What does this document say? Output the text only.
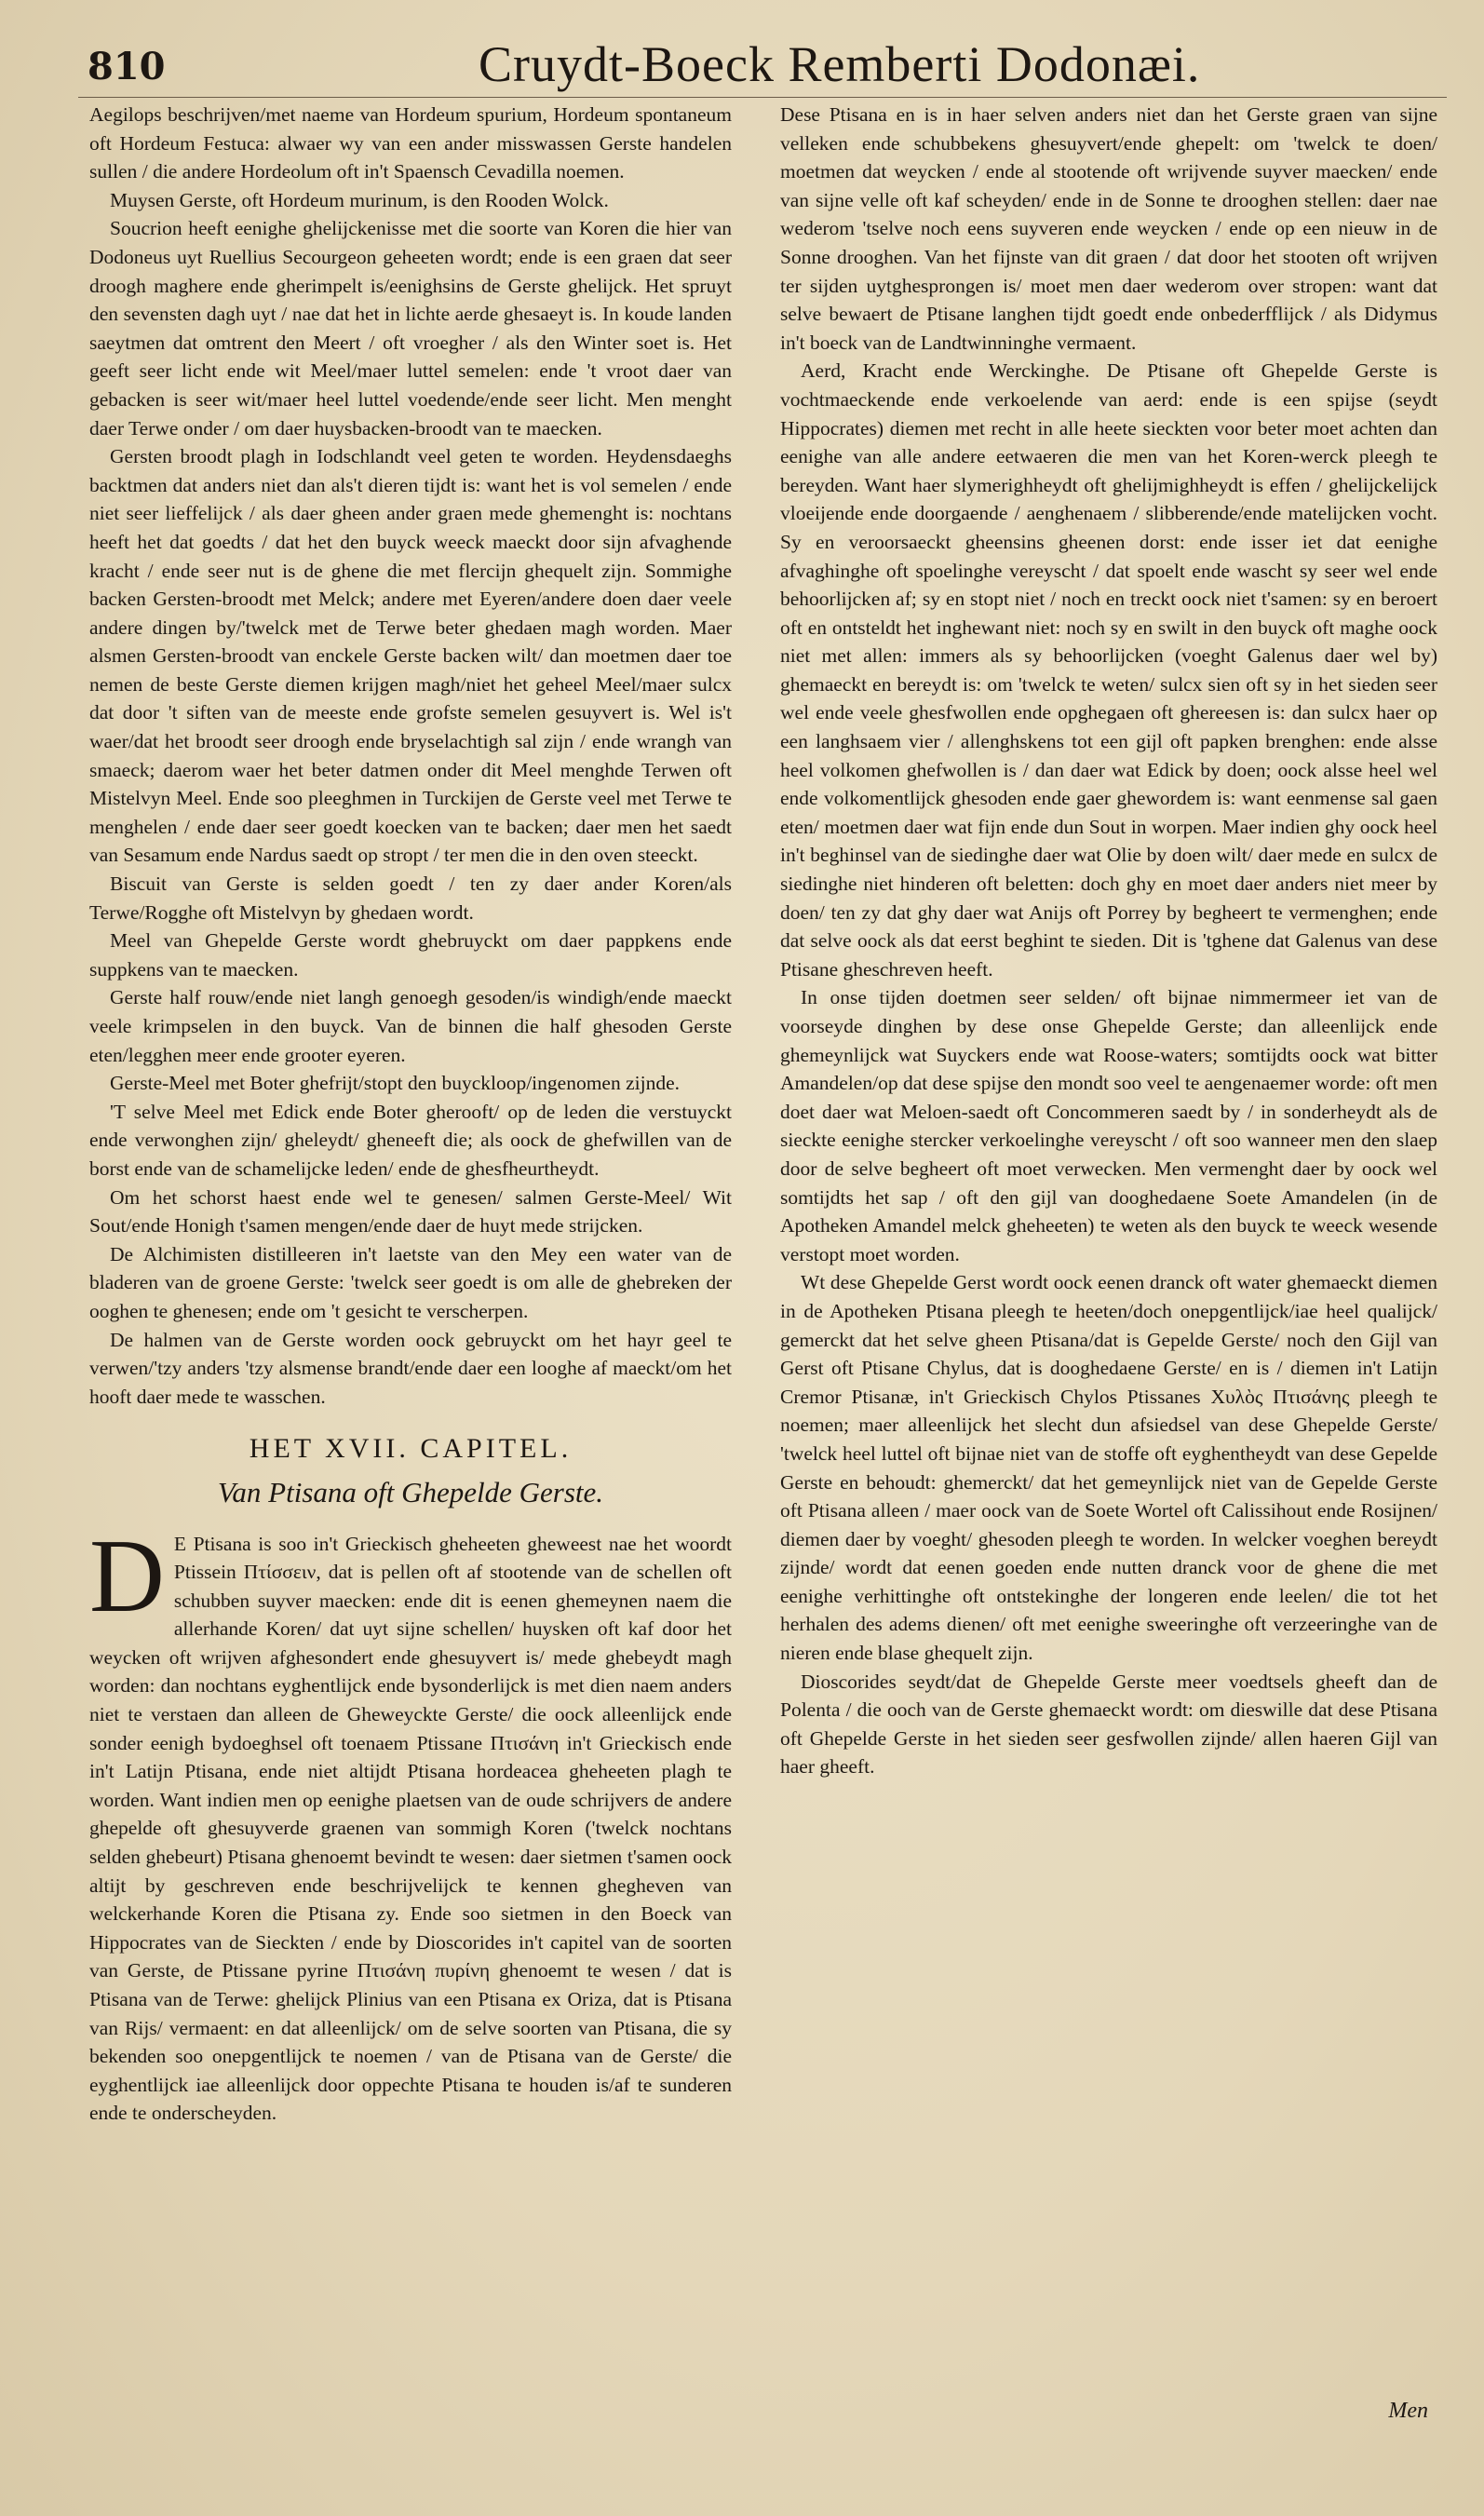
810	Cruydt-Boeck Remberti Dodonæi.

Aegilops beschrijven/met naeme van Hordeum spurium, Hordeum spontaneum oft Hordeum Festuca: alwaer wy van een ander misswassen Gerste handelen sullen / die andere Hordeolum oft in't Spaensch Cevadilla noemen.

Muysen Gerste, oft Hordeum murinum, is den Rooden Wolck.

Soucrion heeft eenighe ghelijckenisse met die soorte van Koren die hier van Dodoneus uyt Ruellius Secourgeon geheeten wordt; ende is een graen dat seer droogh maghere ende gherimpelt is/eenighsins de Gerste ghelijck. Het spruyt den sevensten dagh uyt / nae dat het in lichte aerde ghesaeyt is. In koude landen saeytmen dat omtrent den Meert / oft vroegher / als den Winter soet is. Het geeft seer licht ende wit Meel/maer luttel semelen: ende 't vroot daer van gebacken is seer wit/maer heel luttel voedende/ende seer licht. Men menght daer Terwe onder / om daer huysbacken-broodt van te maecken.

Gersten broodt plagh in Iodschlandt veel geten te worden. Heydensdaeghs backtmen dat anders niet dan als't dieren tijdt is: want het is vol semelen / ende niet seer lieffelijck / als daer gheen ander graen mede ghemenght is: nochtans heeft het dat goedts / dat het den buyck weeck maeckt door sijn afvaghende kracht / ende seer nut is de ghene die met flercijn ghequelt zijn. Sommighe backen Gersten-broodt met Melck; andere met Eyeren/andere doen daer veele andere dingen by/'twelck met de Terwe beter ghedaen magh worden. Maer alsmen Gersten-broodt van enckele Gerste backen wilt/ dan moetmen daer toe nemen de beste Gerste diemen krijgen magh/niet het geheel Meel/maer sulcx dat door 't siften van de meeste ende grofste semelen gesuyvert is. Wel is't waer/dat het broodt seer droogh ende bryselachtigh sal zijn / ende wrangh van smaeck; daerom waer het beter datmen onder dit Meel menghde Terwen oft Mistelvyn Meel. Ende soo pleeghmen in Turckijen de Gerste veel met Terwe te menghelen / ende daer seer goedt koecken van te backen; daer men het saedt van Sesamum ende Nardus saedt op stropt / ter men die in den oven steeckt.

Biscuit van Gerste is selden goedt / ten zy daer ander Koren/als Terwe/Rogghe oft Mistelvyn by ghedaen wordt.

Meel van Ghepelde Gerste wordt ghebruyckt om daer pappkens ende suppkens van te maecken.

Gerste half rouw/ende niet langh genoegh gesoden/is windigh/ende maeckt veele krimpselen in den buyck. Van de binnen die half ghesoden Gerste eten/legghen meer ende grooter eyeren.

Gerste-Meel met Boter ghefrijt/stopt den buyckloop/ingenomen zijnde.

'T selve Meel met Edick ende Boter gherooft/ op de leden die verstuyckt ende verwonghen zijn/ gheleydt/ gheneeft die; als oock de ghefwillen van de borst ende van de schamelijcke leden/ ende de ghesfheurtheydt.

Om het schorst haest ende wel te genesen/ salmen Gerste-Meel/ Wit Sout/ende Honigh t'samen mengen/ende daer de huyt mede strijcken.

De Alchimisten distilleeren in't laetste van den Mey een water van de bladeren van de groene Gerste: 'twelck seer goedt is om alle de ghebreken der ooghen te ghenesen; ende om 't gesicht te verscherpen.

De halmen van de Gerste worden oock gebruyckt om het hayr geel te verwen/'tzy anders 'tzy alsmense brandt/ende daer een looghe af maeckt/om het hooft daer mede te wasschen.

HET XVII. CAPITEL.
Van Ptisana oft Ghepelde Gerste.
D E Ptisana is soo in't Grieckisch gheheeten gheweest nae het woordt Ptissein Πτίσσειν, dat is pellen oft af stootende van de schellen oft schubben suyver maecken: ende dit is eenen ghemeynen naem die allerhande Koren/ dat uyt sijne schellen/ huysken oft kaf door het weycken oft wrijven afghesondert ende ghesuyvert is/ mede ghebeydt magh worden: dan nochtans eyghentlijck ende bysonderlijck is met dien naem anders niet te verstaen dan alleen de Gheweyckte Gerste/ die oock alleenlijck ende sonder eenigh bydoeghsel oft toenaem Ptissane Πτισάνη in't Grieckisch ende in't Latijn Ptisana, ende niet altijdt Ptisana hordeacea gheheeten plagh te worden. Want indien men op eenighe plaetsen van de oude schrijvers de andere ghepelde oft ghesuyverde graenen van sommigh Koren ('twelck nochtans selden ghebeurt) Ptisana ghenoemt bevindt te wesen: daer sietmen t'samen oock altijt by geschreven ende beschrijvelijck te kennen ghegheven van welckerhande Koren die Ptisana zy. Ende soo sietmen in den Boeck van Hippocrates van de Sieckten / ende by Dioscorides in't capitel van de soorten van Gerste, de Ptissane pyrine Πτισάνη πυρίνη ghenoemt te wesen / dat is Ptisana van de Terwe: ghelijck Plinius van een Ptisana ex Oriza, dat is Ptisana van Rijs/ vermaent: en dat alleenlijck/ om de selve soorten van Ptisana, die sy bekenden soo onepgentlijck te noemen / van de Ptisana van de Gerste/ die eyghentlijck iae alleenlijck door oppechte Ptisana te houden is/af te sunderen ende te onderscheyden.

Dese Ptisana en is in haer selven anders niet dan het Gerste graen van sijne velleken ende schubbekens ghesuyvert/ende ghepelt: om 'twelck te doen/ moetmen dat weycken / ende al stootende oft wrijvende suyver maecken/ ende van sijne velle oft kaf scheyden/ ende in de Sonne te drooghen stellen: daer nae wederom 'tselve noch eens suyveren ende weycken / ende op een nieuw in de Sonne drooghen. Van het fijnste van dit graen / dat door het stooten oft wrijven ter sijden uytghesprongen is/ moet men daer wederom over stropen: want dat selve bewaert de Ptisane langhen tijdt goedt ende onbederfflijck / als Didymus in't boeck van de Landtwinninghe vermaent.

Aerd, Kracht ende Werckinghe. De Ptisane oft Ghepelde Gerste is vochtmaeckende ende verkoelende van aerd: ende is een spijse (seydt Hippocrates) diemen met recht in alle heete sieckten voor beter moet achten dan eenighe van alle andere eetwaeren die men van het Koren-werck pleegh te bereyden. Want haer slymerighheydt oft ghelijmighheydt is effen / ghelijckelijck vloeijende ende doorgaende / aenghenaem / slibberende/ende matelijcken vocht. Sy en veroorsaeckt gheensins gheenen dorst: ende isser iet dat eenighe afvaghinghe oft spoelinghe vereyscht / dat spoelt ende wascht sy seer wel ende behoorlijcken af; sy en stopt niet / noch en treckt oock niet t'samen: sy en beroert oft en ontsteldt het inghewant niet: noch sy en swilt in den buyck oft maghe oock niet met allen: immers als sy behoorlijcken (voeght Galenus daer wel by) ghemaeckt en bereydt is: om 'twelck te weten/ sulcx sien oft sy in het sieden seer wel ende veele ghesfwollen ende opghegaen oft ghereesen is: dan sulcx haer op een langhsaem vier / allenghskens tot een gijl oft papken brenghen: ende alsse heel volkomen ghefwollen is / dan daer wat Edick by doen; oock alsse heel wel ende volkomentlijck ghesoden ende gaer ghewordem is: want eenmense sal gaen eten/ moetmen daer wat fijn ende dun Sout in worpen. Maer indien ghy oock heel in't beghinsel van de siedinghe daer wat Olie by doen wilt/ daer mede en sulcx de siedinghe niet hinderen oft beletten: doch ghy en moet daer anders niet meer by doen/ ten zy dat ghy daer wat Anijs oft Porrey by begheert te vermenghen; ende dat selve oock als dat eerst beghint te sieden. Dit is 'tghene dat Galenus van dese Ptisane gheschreven heeft.

In onse tijden doetmen seer selden/ oft bijnae nimmermeer iet van de voorseyde dinghen by dese onse Ghepelde Gerste; dan alleenlijck ende ghemeynlijck wat Suyckers ende wat Roose-waters; somtijdts oock wat bitter Amandelen/op dat dese spijse den mondt soo veel te aengenaemer worde: oft men doet daer wat Meloen-saedt oft Concommeren saedt by / in sonderheydt als de sieckte eenighe stercker verkoelinghe vereyscht / oft soo wanneer men den slaep door de selve begheert oft moet verwecken. Men vermenght daer by oock wel somtijdts het sap / oft den gijl van dooghedaene Soete Amandelen (in de Apotheken Amandel melck gheheeten) te weten als den buyck te weeck wesende verstopt moet worden.

Wt dese Ghepelde Gerst wordt oock eenen dranck oft water ghemaeckt diemen in de Apotheken Ptisana pleegh te heeten/doch onepgentlijck/iae heel qualijck/ gemerckt dat het selve gheen Ptisana/dat is Gepelde Gerste/ noch den Gijl van Gerst oft Ptisane Chylus, dat is dooghedaene Gerste/ en is / diemen in't Latijn Cremor Ptisanæ, in't Grieckisch Chylos Ptissanes Χυλὸς Πτισάνης pleegh te noemen; maer alleenlijck het slecht dun afsiedsel van dese Ghepelde Gerste/ 'twelck heel luttel oft bijnae niet van de stoffe oft eyghentheydt van dese Gepelde Gerste en behoudt: ghemerckt/ dat het gemeynlijck niet van de Gepelde Gerste oft Ptisana alleen / maer oock van de Soete Wortel oft Calissihout ende Rosijnen/ diemen daer by voeght/ ghesoden pleegh te worden. In welcker voeghen bereydt zijnde/ wordt dat eenen goeden ende nutten dranck voor de ghene die met eenighe verhittinghe oft ontstekinghe der longeren ende leelen/ die tot het herhalen des adems dienen/ oft met eenighe sweeringhe oft verzeeringhe van de nieren ende blase ghequelt zijn.

Dioscorides seydt/dat de Ghepelde Gerste meer voedtsels gheeft dan de Polenta / die ooch van de Gerste ghemaeckt wordt: om dieswille dat dese Ptisana oft Ghepelde Gerste in het sieden seer gesfwollen zijnde/ allen haeren Gijl van haer gheeft.

Men
